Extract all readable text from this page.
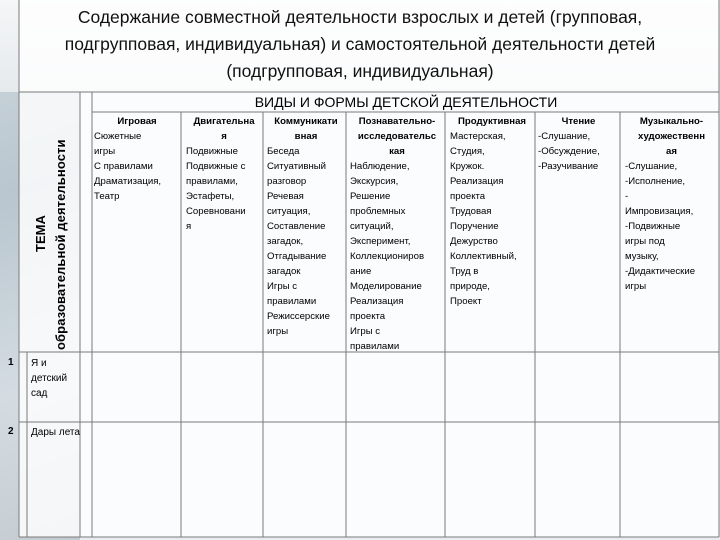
Содержание совместной деятельности взрослых и детей (групповая, подгрупповая, индивидуальная) и самостоятельной деятельности детей (подгрупповая, индивидуальная)
ТЕМА образовательной деятельности
ВИДЫ И ФОРМЫ ДЕТСКОЙ ДЕЯТЕЛЬНОСТИ
Игровая
Сюжетные
игры
С правилами
Драматизация,
Театр
Двигательна
я
Подвижные
Подвижные с
правилами,
Эстафеты,
Соревновани
я
Коммуникати
вная
Беседа
Ситуативный
разговор
Речевая
ситуация,
Составление
загадок,
Отгадывание
загадок
Игры с
правилами
Режиссерские
игры
Познавательно-
исследовательс
кая
Наблюдение,
Экскурсия,
Решение
проблемных
ситуаций,
Эксперимент,
Коллекциониров
ание
Моделирование
Реализация
проекта
Игры с
правилами
Продуктивная
Мастерская,
Студия,
Кружок.
Реализация
проекта
Трудовая
Поручение
Дежурство
Коллективный,
Труд в
природе,
Проект
Чтение
-Слушание,
-Обсуждение,
-Разучивание
Музыкально-
художественн
ая
-Слушание,
-Исполнение,
-
Импровизация,
-Подвижные
игры под
музыку,
-Дидактические
игры
1 Я и
детский
сад
2 Дары лета
